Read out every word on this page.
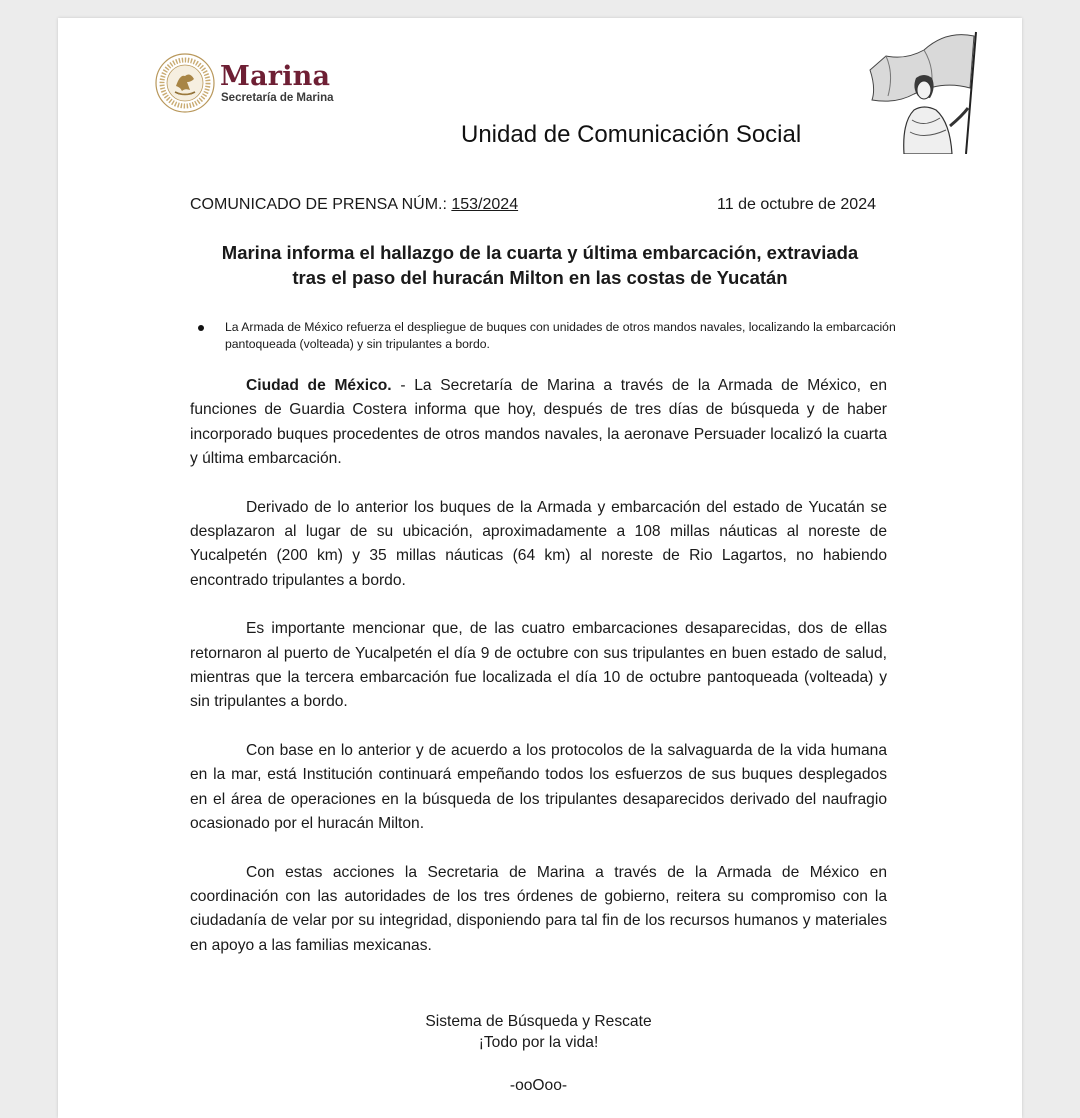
Marina
Secretaría de Marina
Unidad de Comunicación Social
COMUNICADO DE PRENSA NÚM.: 153/2024	11 de octubre de 2024
Marina informa el hallazgo de la cuarta y última embarcación, extraviada
tras el paso del huracán Milton en las costas de Yucatán
La Armada de México refuerza el despliegue de buques con unidades de otros mandos navales, localizando la embarcación pantoqueada (volteada) y sin tripulantes a bordo.

Ciudad de México. - La Secretaría de Marina a través de la Armada de México, en funciones de Guardia Costera informa que hoy, después de tres días de búsqueda y de haber incorporado buques procedentes de otros mandos navales, la aeronave Persuader localizó la cuarta y última embarcación.

Derivado de lo anterior los buques de la Armada y embarcación del estado de Yucatán se desplazaron al lugar de su ubicación, aproximadamente a 108 millas náuticas al noreste de Yucalpetén (200 km) y 35 millas náuticas (64 km) al noreste de Rio Lagartos, no habiendo encontrado tripulantes a bordo.

Es importante mencionar que, de las cuatro embarcaciones desaparecidas, dos de ellas retornaron al puerto de Yucalpetén el día 9 de octubre con sus tripulantes en buen estado de salud, mientras que la tercera embarcación fue localizada el día 10 de octubre pantoqueada (volteada) y sin tripulantes a bordo.

Con base en lo anterior y de acuerdo a los protocolos de la salvaguarda de la vida humana en la mar, está Institución continuará empeñando todos los esfuerzos de sus buques desplegados en el área de operaciones en la búsqueda de los tripulantes desaparecidos derivado del naufragio ocasionado por el huracán Milton.

Con estas acciones la Secretaria de Marina a través de la Armada de México en coordinación con las autoridades de los tres órdenes de gobierno, reitera su compromiso con la ciudadanía de velar por su integridad, disponiendo para tal fin de los recursos humanos y materiales en apoyo a las familias mexicanas.

Sistema de Búsqueda y Rescate
¡Todo por la vida!
-ooOoo-
